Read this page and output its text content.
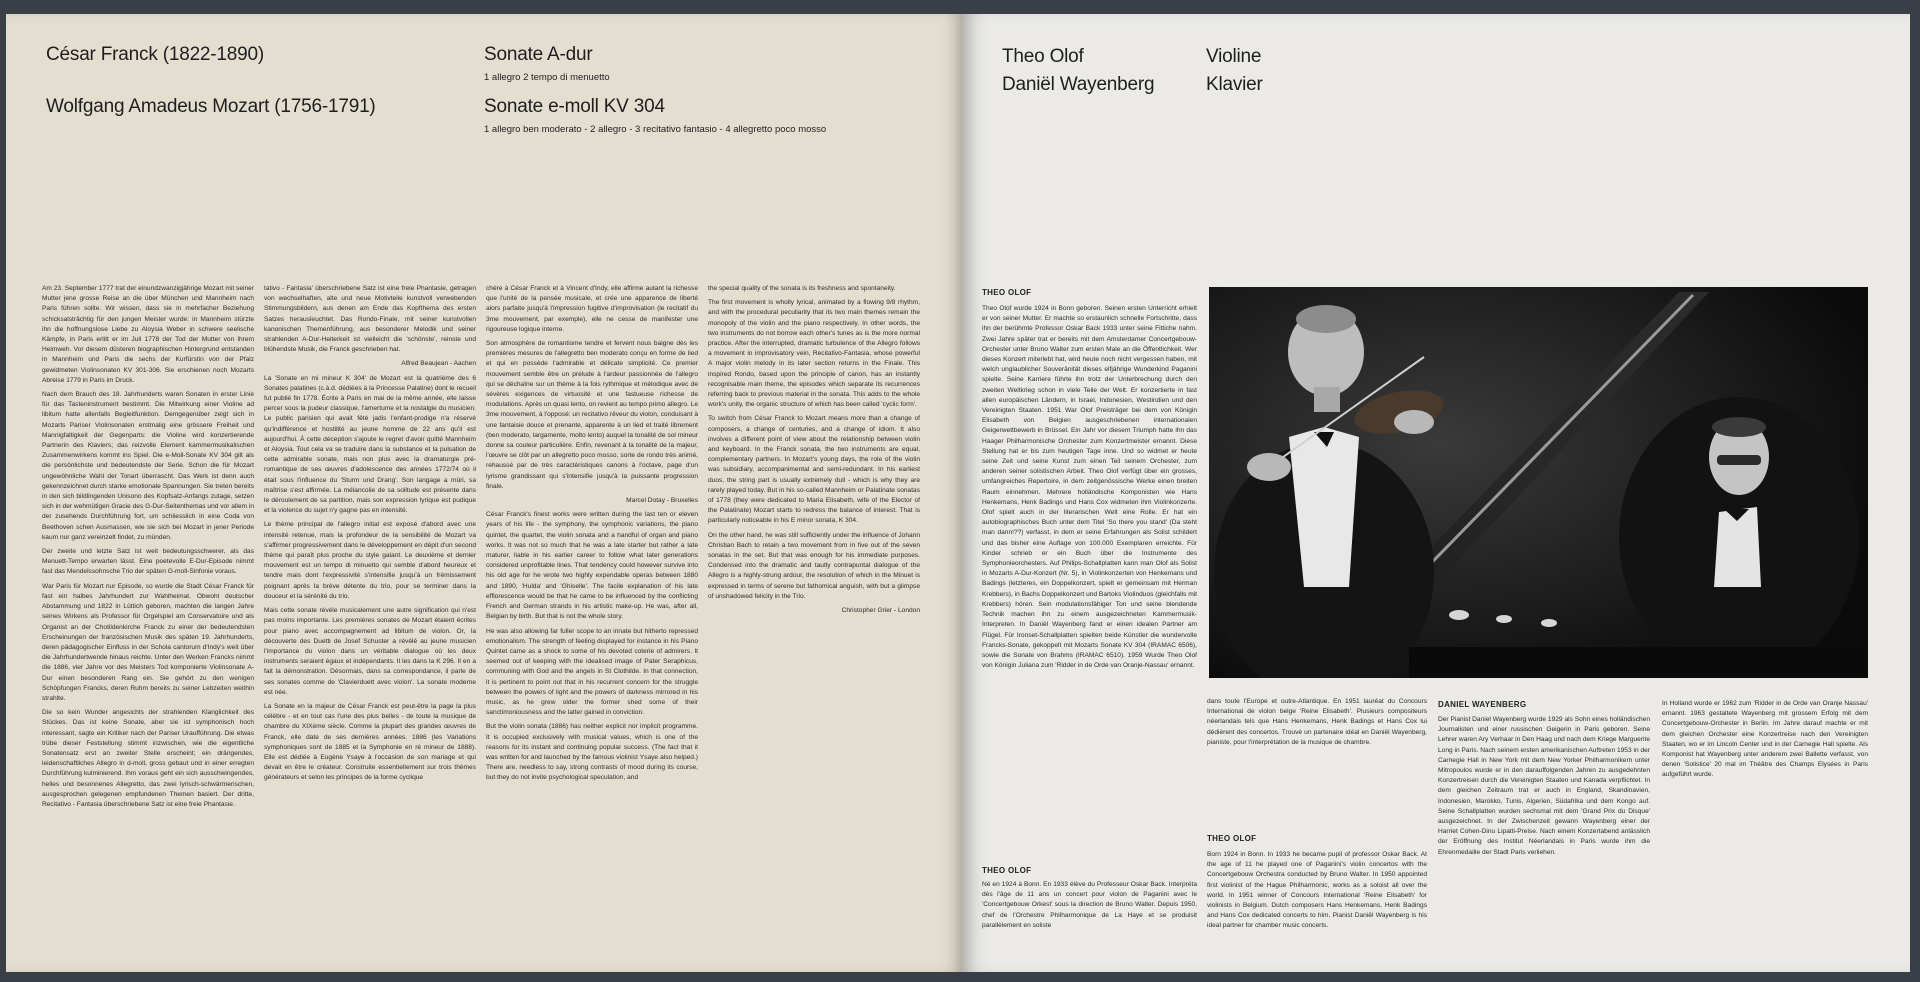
César Franck (1822-1890)
Wolfgang Amadeus Mozart (1756-1791)
Sonate A-dur
1 allegro 2 tempo di menuetto
Sonate e-moll KV 304
1 allegro ben moderato - 2 allegro - 3 recitativo fantasio - 4 allegretto poco mosso

Am 23. September 1777 trat der einundzwanzigjährige Mozart mit seiner Mutter jene grosse Reise an die über München und Mannheim nach Paris führen sollte. Wir wissen, dass sie in mehrfacher Beziehung schicksalsträchtig für den jungen Meister wurde: in Mannheim stürzte ihn die hoffnungslose Liebe zu Aloysia Weber in schwere seelische Kämpfe, in Paris erlitt er im Juli 1778 der Tod der Mutter von ihrem Heimweh. Vor diesem düsteren biographischen Hintergrund entstanden in Mannheim und Paris die sechs der Kurfürstin von der Pfalz gewidmeten Violinsonaten KV 301-306. Sie erschienen noch Mozarts Abreise 1779 in Paris im Druck.

Nach dem Brauch des 18. Jahrhunderts waren Sonaten in erster Linie für das Tasteninstrument bestimmt. Die Mitwirkung einer Violine ad libitum hatte allenfalls Begleitfunktion. Demgegenüber zeigt sich in Mozarts Pariser Violinsonaten erstmalig eine grössere Freiheit und Mannigfaltigkeit der Gegenparts: die Violine wird konzertierende Partnerin des Klaviers; das reizvolle Element kammermusikalischen Zusammenwirkens kommt ins Spiel. Die e-Moll-Sonate KV 304 gilt als die persönlichste und bedeutendste der Serie. Schon die für Mozart ungewöhnliche Wahl der Tonart überrascht. Das Werk ist denn auch gekennzeichnet durch starke emotionale Spannungen. Sie treten bereits in den sich bildlingenden Unisono des Kopfsatz-Anfangs zutage, setzen sich in der wehmütigen Gracie des G-Dur-Seitenthemas und vor allem in der zusehends Durchführung fort, um schliesslich in eine Coda von Beethoven schen Ausmassen, wie sie sich bei Mozart in jener Periode kaum nur ganz vereinzelt findet, zu münden.

Der zweite und letzte Satz ist weit bedeutungsschwerer, als das Menuett-Tempo erwarten lässt. Eine poetevolle E-Dur-Episode nimmt fast das Mendelssohnsche Trio der späten G-moll-Sinfonie voraus.

War Paris für Mozart nur Episode, so wurde die Stadt César Franck für fast ein halbes Jahrhundert zur Wahlheimat. Obwohl deutscher Abstammung und 1822 in Lüttich geboren, machten die langen Jahre seines Wirkens als Professor für Orgelspiel am Conservatoire und als Organist an der Chotildenkirche Franck zu einer der bedeutendsten Erscheinungen der französischen Musik des späten 19. Jahrhunderts, deren pädagogischer Einfluss in der Schola cantorum d'Indy's weit über die Jahrhundertwende hinaus reichte. Unter den Werken Francks nimmt die 1886, vier Jahre vor des Meisters Tod komponierte Violinsonate A-Dur einen besonderen Rang ein. Sie gehört zu den wenigen Schöpfungen Francks, deren Ruhm bereits zu seiner Lebzeiten weithin strahlte.

Die so kein Wunder angesichts der strahlenden Klanglichkeit des Stückes. Das ist keine Sonate, aber sie ist symphonisch hoch interessant, sagte ein Kritiker nach der Pariser Uraufführung. Die etwas trübe dieser Feststellung stimmt inzwischen, wie die eigentliche Sonatensatz erst an zweiter Stelle erscheint; ein drängendes, leidenschaftliches Allegro in d-moll, gross gebaut und in einer erregten Durchführung kulminierend. Ihm voraus geht ein sich ausschwingendes, helles und besonnenes Allegretto, das zwei lyrisch-schwärmerischen, ausgesprochen gelegenen empfundenen Themen basiert. Der dritte, Recitativo - Fantasia überschriebene Satz ist eine freie Phantasie.

tativo - Fantasia' überschriebene Satz ist eine freie Phantasie, getragen von wechselhaften, alte und neue Motivteile kunstvoll verwebenden Stimmungsbildern, aus denen am Ende das Kopfthema des ersten Satzes herausleuchtet. Das Rondo-Finale, mit seiner kunstvollen kanonischen Themenführung, aus besonderer Melodik und seiner strahlenden A-Dur-Heiterkeit ist vielleicht die 'schönste', reinste und blühendste Musik, die Franck geschrieben hat.

Alfred Beaujean - Aachen

La 'Sonate en mi mineur K 304' de Mozart est la quatrième des 6 Sonates palatines (c.à.d. dédiées à la Princesse Palatine) dont le recueil fut publié fin 1778. Écrite à Paris en mai de la même année, elle laisse percer sous la pudeur classique, l'amertume et la nostalgie du musicien. Le public parisien qui avait fêté jadis l'enfant-prodige n'a réservé qu'indifférence et hostilité au jeune homme de 22 ans qu'il est aujourd'hui. À cette déception s'ajoute le regret d'avoir quitté Mannheim et Aloysia. Tout cela va se traduire dans la substance et la pulsation de cette admirable sonate, mais non plus avec la dramaturgie pré-romantique de ses œuvres d'adolescence des années 1772/74 où il était sous l'influence du 'Sturm und Drang'. Son langage a mûri, sa maîtrise s'est affirmée. La mélancolie de sa solitude est présente dans le déroulement de sa partition, mais son expression lyrique est pudique et la violence du sujet n'y gagne pas en intensité.

Le thème principal de l'allegro initial est exposé d'abord avec une intensité retenue, mais la profondeur de la sensibilité de Mozart va s'affirmer progressivement dans le développement en dépit d'un second thème qui paraît plus proche du style galant. Le deuxième et dernier mouvement est un tempo di minuetto qui semble d'abord heureux et tendre mais dont l'expressivité s'intensifie jusqu'à un frémissement poignant après la brève détente du trio, pour se terminer dans la douceur et la sérénité du trio.

Mais cette sonate révèle musicalement une autre signification qui n'est pas moins importante. Les premières sonates de Mozart étaient écrites pour piano avec accompagnement ad libitum de violon. Or, la découverte des Duetti de Josef Schuster a révélé au jeune musicien l'importance du violon dans un véritable dialogue où les deux instruments seraient égaux et indépendants. Il les dans la K 296. Il en a fait la démonstration. Désormais, dans sa correspondance, il parle de ses sonates comme de 'Clavierduett avec violon'. La sonate moderne est née.

La Sonate en la majeur de César Franck est peut-être la page la plus célèbre - et en tout cas l'une des plus belles - de toute la musique de chambre du XIXème siècle. Comme la plupart des grandes œuvres de Franck, elle date de ses dernières années. 1886 (les Variations symphoniques sont de 1885 et la Symphonie en ré mineur de 1888). Elle est dédiée à Eugène Ysaye à l'occasion de son mariage et qui devait en être le créateur. Construite essentiellement sur trois thèmes générateurs et selon les principes de la forme cyclique

chère à César Franck et à Vincent d'Indy, elle affirme autant la richesse que l'unité de la pensée musicale, et crée une apparence de liberté alors parfaite jusqu'à l'impression fugitive d'improvisation (le recitatif du 3me mouvement, par exemple), elle ne cesse de manifester une rigoureuse logique interne.

Son atmosphère de romantisme tendre et fervent nous baigne dès les premières mesures de l'allegretto ben moderato conçu en forme de lied et qui en possède l'admirable et délicate simplicité. Ce premier mouvement semble être un prélude à l'ardeur passionnée de l'allegro qui se déchaîne sur un thème à la fois rythmique et mélodique avec de sévères exigences de virtuosité et une fastueuse richesse de modulations. Après un quasi lento, on revient au tempo primo allegro. Le 3me mouvement, à l'opposé: un recitativo rêveur du violon, conduisant à une fantaisie douce et prenante, apparente à un lied et traité librement (ben moderato, largamente, molto lento) auquel la tonalité de sol mineur donne sa couleur particulière. Enfin, revenant à la tonalité de la majeur, l'œuvre se clôt par un allegretto poco mosso, sorte de rondo très animé, rehaussé par de très caractéristiques canons à l'octave, page d'un lyrisme grandissant qui s'intensifie jusqu'à la puissante progression finale.

Marcel Dotay - Bruxelles

César Franck's finest works were written during the last ten or eleven years of his life - the symphony, the symphonic variations, the piano quintet, the quartet, the violin sonata and a handful of organ and piano works. It was not so much that he was a late starter but rather a late maturer, liable in his earlier career to follow what later generations considered unprofitable lines. That tendency could however survive into his old age for he wrote two highly expendable operas between 1880 and 1890, 'Hulda' and 'Ghiselle'. The facile explanation of his late efflorescence would be that he came to be influenced by the conflicting French and German strands in his artistic make-up. He was, after all, Belgian by birth. But that is not the whole story.

He was also allowing far fuller scope to an innate but hitherto repressed emotionalism. The strength of feeling displayed for instance in his Piano Quintet came as a shock to some of his devoted coterie of admirers. It seemed out of keeping with the idealised image of Pater Seraphicus, communing with God and the angels in St Clothilde. In that connection, it is pertinent to point out that in his recurrent concern for the struggle between the powers of light and the powers of darkness mirrored in his music, as he grew older the former shed some of their sanctimoniousness and the latter gained in conviction.

But the violin sonata (1886) has neither explicit nor implicit programme. It is occupied exclusively with musical values, which is one of the reasons for its instant and continuing popular success. (The fact that it was written for and launched by the famous violinist Ysaye also helped.) There are, needless to say, strong contrasts of mood during its course, but they do not invite psychological speculation, and

the special quality of the sonata is its freshness and spontaneity.

The first movement is wholly lyrical, animated by a flowing 9/8 rhythm, and with the procedural peculiarity that its two main themes remain the monopoly of the violin and the piano respectively. In other words, the two instruments do not borrow each other's tunes as is the more normal practice. After the interrupted, dramatic turbulence of the Allegro follows a movement in improvisatory vein, Recitativo-Fantasia, whose powerful A major violin melody in its later section returns in the Finale. This inspired Rondo, based upon the principle of canon, has an instantly recognisable main theme, the episodes which separate its recurrences referring back to previous material in the sonata. This adds to the whole work's unity, the organic structure of which has been called 'cyclic form'.

To switch from César Franck to Mozart means more than a change of composers, a change of centuries, and a change of idiom. It also involves a different point of view about the relationship between violin and keyboard. In the Franck sonata, the two instruments are equal, complementary partners. In Mozart's young days, the role of the violin was subsidiary, accompanimental and semi-redundant. In his earliest duos, the string part is usually extremely dull - which is why they are rarely played today. But in his so-called Mannheim or Palatinate sonatas of 1778 (they were dedicated to Maria Elisabeth, wife of the Elector of the Palatinate) Mozart starts to redress the balance of interest. That is particularly noticeable in his E minor sonata, K 304.

On the other hand, he was still sufficiently under the influence of Johann Christian Bach to retain a two movement from in five out of the seven sonatas in the set. But that was enough for his immediate purposes. Condensed into the dramatic and tautly contrapuntal dialogue of the Allegro is a highly-strung ardour, the resolution of which in the Minuet is expressed in terms of serene but fathomical anguish, with but a glimpse of unshadowed felicity in the Trio.

Christopher Grier - London

Theo Olof
Daniël Wayenberg
Violine
Klavier
THEO OLOF

Theo Olof wurde 1924 in Bonn geboren. Seinen ersten Unterricht erhielt er von seiner Mutter. Er machte so erstaunlich schnelle Fortschritte, dass ihn der berühmte Professor Oskar Back 1933 unter seine Fittiche nahm. Zwei Jahre später trat er bereits mit dem Amsterdamer Concertgebouw-Orchester unter Bruno Walter zum ersten Male an die Öffentlichkeit. Wer dieses Konzert miterlebt hat, wird heute noch nicht vergessen haben, mit welch unglaublicher Souveränität dieses elfjährige Wunderkind Paganini spielte. Seine Karriere führte ihn trotz der Unterbrechung durch den zweiten Weltkrieg schon in viele Teile der Welt. Er konzertierte in fast allen europäischen Ländern, in Israel, Indonesien, Westindien und den Vereinigten Staaten. 1951 War Olof Preisträger bei dem von Königin Elisabeth von Belgien ausgeschriebenen internationalen Geigerwettbewerb in Brüssel. Ein Jahr vor diesem Triumph hatte ihn das Haager Philharmonische Orchester zum Konzertmeister ernannt. Diese Stellung hat er bis zum heutigen Tage inne. Und so widmet er heute seine Zeit und seine Kunst zum einen Teil seinem Orchester, zum anderen seiner solistischen Arbeit. Theo Olof verfügt über ein grosses, umfangreiches Repertoire, in dem zeitgenössische Werke einen breiten Raum einnehmen. Mehrere holländische Komponisten wie Hans Henkemans, Henk Badings und Hans Cox widmeten ihm Violinkonzerte. Olof spielt auch in der literarischen Welt eine Rolle. Er hat ein autobiographisches Buch unter dem Titel 'So there you stand' (Da steht man dann!??) verfasst, in dem er seine Erfahrungen als Solist schildert und das bisher eine Auflage von 100.000 Exemplaren erreichte. Für Kinder schrieb er ein Buch über die Instrumente des Symphonieorchesters. Auf Philips-Schallplatten kann man Olof als Solist in Mozarts A-Dur-Konzert (Nr. 5), in Violinkonzerten von Henkemans und Badings (letzteres, ein Doppelkonzert, spielt er gemeinsam mit Herman Krebbers), in Bachs Doppelkonzert und Bartoks Violinduos (gleichfalls mit Krebbers) hören. Sein modulationsfähiger Ton und seine blendende Technik machen ihn zu einem ausgezeichneten Kammermusik-Interpreten. In Daniël Wayenberg fand er einen idealen Partner am Flügel. Für Ironset-Schallplatten spielten beide Künstler die wundervolle Francks-Sonate, gekoppelt mit Mozarts Sonate KV 304 (IRAMAC 6506), sowie die Sonate von Brahms (IRAMAC 6510). 1959 Wurde Theo Olof von Königin Juliana zum 'Ridder in de Orde van Oranje-Nassau' ernannt.

dans toute l'Europe et outre-Atlantique. En 1951 lauréat du Concours International de violon belge 'Reine Elisabeth'. Plusieurs compositeurs néerlandais tels que Hans Henkemans, Henk Badings et Hans Cox lui dédièrent des concertos. Trouvé un partenaire idéal en Daniël Wayenberg, pianiste, pour l'interprétation de la musique de chambre.

THEO OLOF

Born 1924 in Bonn. In 1933 he became pupil of professor Oskar Back. At the age of 11 he played one of Paganini's violin concertos with the Concertgebouw Orchestra conducted by Bruno Walter. In 1950 appointed first violinist of the Hague Philharmonic, works as a soloist all over the world. In 1951 winner of Concours International 'Reine Elisabeth' for violinists in Belgium. Dutch composers Hans Henkemans, Henk Badings and Hans Cox dedicated concerts to him. Pianist Daniël Wayenberg is his ideal partner for chamber music concerts.

THEO OLOF

Né en 1924 à Bonn. En 1933 élève du Professeur Oskar Back. Interpréta dès l'âge de 11 ans un concert pour violon de Paganini avec le 'Concertgebouw Orkest' sous la direction de Bruno Walter. Depuis 1950, chef de l'Orchestre Philharmonique de La Haye et se produisit parallèlement en soliste

DANIEL WAYENBERG

Der Pianist Daniel Wayenberg wurde 1929 als Sohn eines holländischen Journalisten und einer russischen Geigerin in Paris geboren. Seine Lehrer waren Ary Verhaar in Den Haag und nach dem Kriege Marguerite Long in Paris. Nach seinem ersten amerikanischen Auftreten 1953 in der Carnegie Hall in New York mit dem New Yorker Philharmonikern unter Mitropoulos wurde er in den darauffolgenden Jahren zu ausgedehnten Konzertreisen durch die Vereinigten Staaten und Kanada verpflichtet. In dem gleichen Zeitraum trat er auch in England, Skandinavien, Indonesien, Marokko, Tunis, Algerien, Südafrika und dem Kongo auf. Seine Schallplatten wurden sechsmal mit dem 'Grand Prix du Disque' ausgezeichnet. In der Zwischenzeit gewann Wayenberg einer der Harriet Cohen-Dinu Lipatti-Preise. Nach einem Konzertabend anlässlich der Eröffnung des Institut Néerlandais in Paris wurde ihm die Ehrenmedaille der Stadt Paris verliehen.

In Holland wurde er 1962 zum 'Ridder in de Orde van Oranje Nassau' ernannt. 1963 gestaltete Wayenberg mit grossem Erfolg mit dem Concertgebouw-Orchester in Berlin. Im Jahre darauf machte er mit dem gleichen Orchester eine Konzertreise nach den Vereinigten Staaten, wo er im Lincoln Center und in der Carnegie Hall spielte. Als Komponist hat Wayenberg unter anderem zwei Ballette verfasst, von denen 'Solistice' 20 mal im Théâtre des Champs Elysées in Paris aufgeführt wurde.
